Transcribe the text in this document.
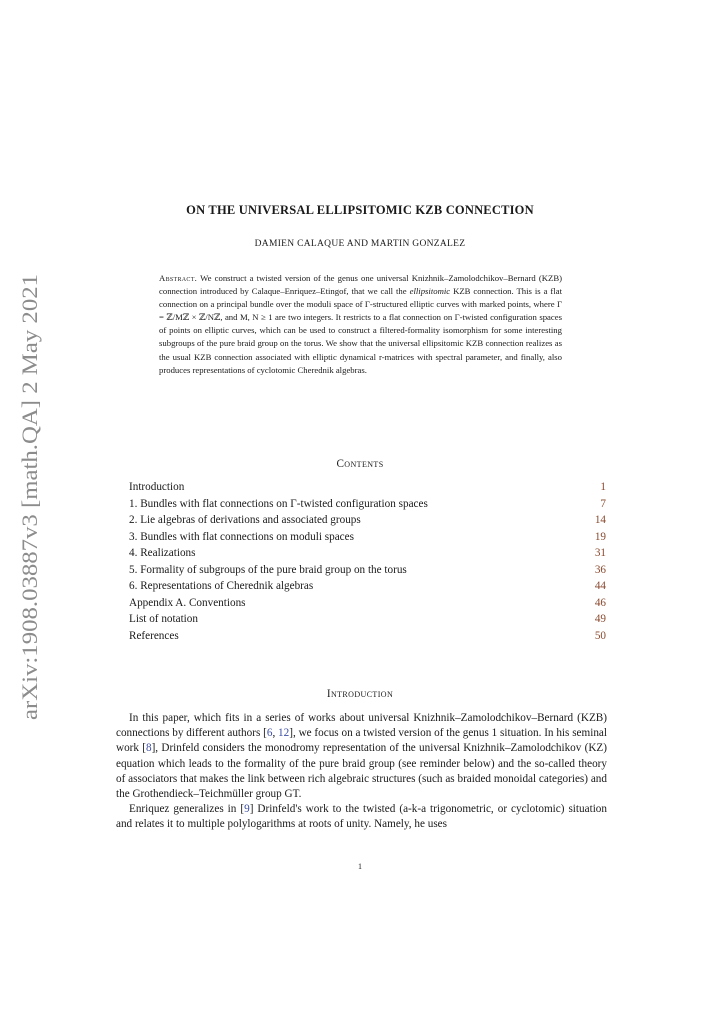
arXiv:1908.03887v3 [math.QA] 2 May 2021
ON THE UNIVERSAL ELLIPSITOMIC KZB CONNECTION
DAMIEN CALAQUE AND MARTIN GONZALEZ
Abstract. We construct a twisted version of the genus one universal Knizhnik–Zamolodchikov–Bernard (KZB) connection introduced by Calaque–Enriquez–Etingof, that we call the ellipsitomic KZB connection. This is a flat connection on a principal bundle over the moduli space of Γ-structured elliptic curves with marked points, where Γ = ℤ/Mℤ × ℤ/Nℤ, and M, N ≥ 1 are two integers. It restricts to a flat connection on Γ-twisted configuration spaces of points on elliptic curves, which can be used to construct a filtered-formality isomorphism for some interesting subgroups of the pure braid group on the torus. We show that the universal ellipsitomic KZB connection realizes as the usual KZB connection associated with elliptic dynamical r-matrices with spectral parameter, and finally, also produces representations of cyclotomic Cherednik algebras.
Contents
Introduction	1
1. Bundles with flat connections on Γ-twisted configuration spaces	7
2. Lie algebras of derivations and associated groups	14
3. Bundles with flat connections on moduli spaces	19
4. Realizations	31
5. Formality of subgroups of the pure braid group on the torus	36
6. Representations of Cherednik algebras	44
Appendix A. Conventions	46
List of notation	49
References	50
Introduction

In this paper, which fits in a series of works about universal Knizhnik–Zamolodchikov–Bernard (KZB) connections by different authors [6, 12], we focus on a twisted version of the genus 1 situation. In his seminal work [8], Drinfeld considers the monodromy representation of the universal Knizhnik–Zamolodchikov (KZ) equation which leads to the formality of the pure braid group (see reminder below) and the so-called theory of associators that makes the link between rich algebraic structures (such as braided monoidal categories) and the Grothendieck–Teichmüller group GT.

Enriquez generalizes in [9] Drinfeld's work to the twisted (a-k-a trigonometric, or cyclotomic) situation and relates it to multiple polylogarithms at roots of unity. Namely, he uses

1
